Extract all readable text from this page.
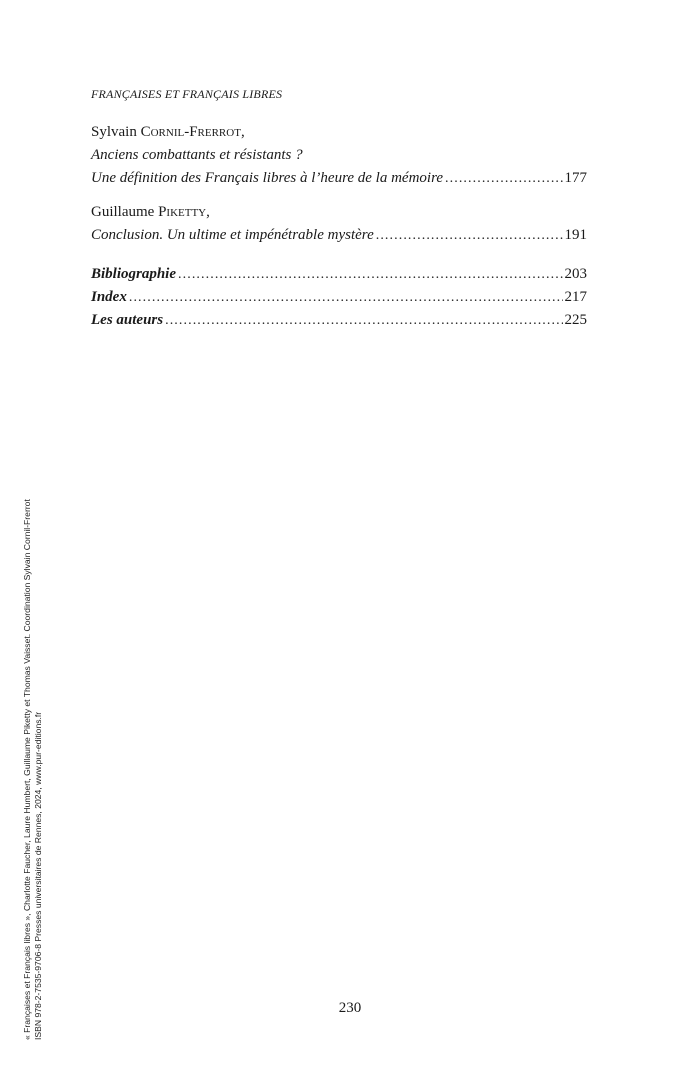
FRANÇAISES ET FRANÇAIS LIBRES
Sylvain Cornil-Frerrot,
Anciens combattants et résistants ?
Une définition des Français libres à l’heure de la mémoire . . .	177
Guillaume Piketty,
Conclusion. Un ultime et impénétrable mystère . . .	191
Bibliographie . . .	203
Index . . .	217
Les auteurs . . .	225
« Françaises et Français libres », Charlotte Faucher, Laure Humbert, Guillaume Piketty et Thomas Vaisset. Coordination Sylvain Cornil-Frerrot ISBN 978-2-7535-9706-8 Presses universitaires de Rennes, 2024, www.pur-editions.fr	230
